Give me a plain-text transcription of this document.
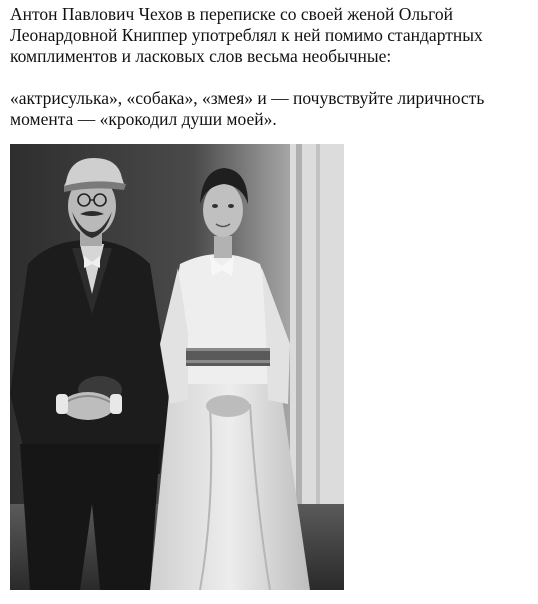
Антон Павлович Чехов в переписке со своей женой Ольгой Леонардовной Книппер употреблял к ней помимо стандартных комплиментов и ласковых слов весьма необычные:

«актрисулька», «собака», «змея» и — почувствуйте лиричность момента — «крокодил души моей».
